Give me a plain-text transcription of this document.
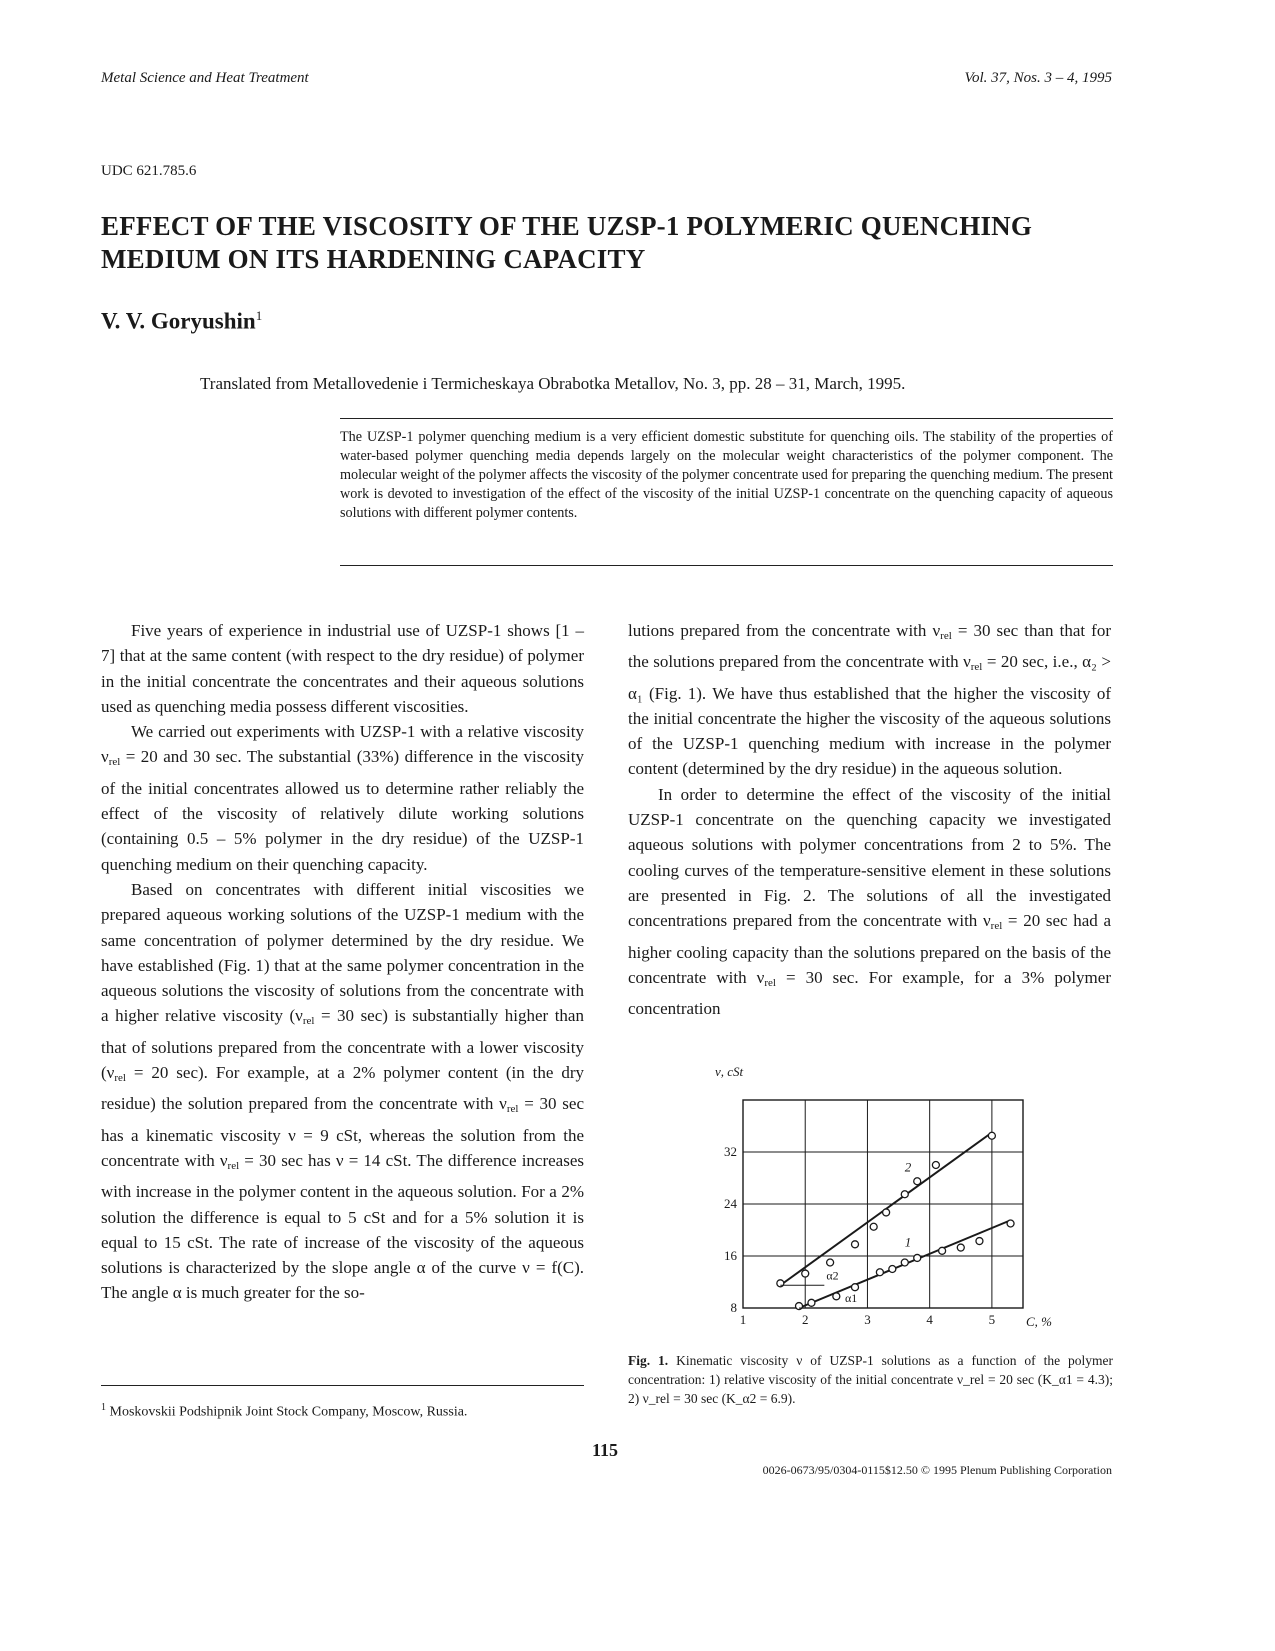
Metal Science and Heat Treatment	Vol. 37, Nos. 3 – 4, 1995
UDC 621.785.6
EFFECT OF THE VISCOSITY OF THE UZSP-1 POLYMERIC QUENCHING MEDIUM ON ITS HARDENING CAPACITY
V. V. Goryushin$^1$
Translated from Metallovedenie i Termicheskaya Obrabotka Metallov, No. 3, pp. 28 – 31, March, 1995.
The UZSP-1 polymer quenching medium is a very efficient domestic substitute for quenching oils. The stability of the properties of water-based polymer quenching media depends largely on the molecular weight characteristics of the polymer component. The molecular weight of the polymer affects the viscosity of the polymer concentrate used for preparing the quenching medium. The present work is devoted to investigation of the effect of the viscosity of the initial UZSP-1 concentrate on the quenching capacity of aqueous solutions with different polymer contents.

Five years of experience in industrial use of UZSP-1 shows [1 – 7] that at the same content (with respect to the dry residue) of polymer in the initial concentrate the concentrates and their aqueous solutions used as quenching media possess different viscosities.

We carried out experiments with UZSP-1 with a relative viscosity $\nu_{rel} = 20$ and 30 sec. The substantial (33%) difference in the viscosity of the initial concentrates allowed us to determine rather reliably the effect of the viscosity of relatively dilute working solutions (containing 0.5 – 5% polymer in the dry residue) of the UZSP-1 quenching medium on their quenching capacity.

Based on concentrates with different initial viscosities we prepared aqueous working solutions of the UZSP-1 medium with the same concentration of polymer determined by the dry residue. We have established (Fig. 1) that at the same polymer concentration in the aqueous solutions the viscosity of solutions from the concentrate with a higher relative viscosity ($\nu_{rel} = 30$ sec) is substantially higher than that of solutions prepared from the concentrate with a lower viscosity ($\nu_{rel} = 20$ sec). For example, at a 2% polymer content (in the dry residue) the solution prepared from the concentrate with $\nu_{rel} = 30$ sec has a kinematic viscosity ν = 9 cSt, whereas the solution from the concentrate with $\nu_{rel} = 30$ sec has ν = 14 cSt. The difference increases with increase in the polymer content in the aqueous solution. For a 2% solution the difference is equal to 5 cSt and for a 5% solution it is equal to 15 cSt. The rate of increase of the viscosity of the aqueous solutions is characterized by the slope angle α of the curve ν = f(C). The angle α is much greater for the so-

lutions prepared from the concentrate with $\nu_{rel} = 30$ sec than that for the solutions prepared from the concentrate with $\nu_{rel} = 20$ sec, i.e., α₂ > α₁ (Fig. 1). We have thus established that the higher the viscosity of the initial concentrate the higher the viscosity of the aqueous solutions of the UZSP-1 quenching medium with increase in the polymer content (determined by the dry residue) in the aqueous solution.

In order to determine the effect of the viscosity of the initial UZSP-1 concentrate on the quenching capacity we investigated aqueous solutions with polymer concentrations from 2 to 5%. The cooling curves of the temperature-sensitive element in these solutions are presented in Fig. 2. The solutions of all the investigated concentrations prepared from the concentrate with $\nu_{rel} = 20$ sec had a higher cooling capacity than the solutions prepared on the basis of the concentrate with $\nu_{rel} = 30$ sec. For example, for a 3% polymer concentration

1	2	3	4	5
8
16
24
32
C, %
ν, cSt
1
α1
2
α2
Fig. 1. Kinematic viscosity ν of UZSP-1 solutions as a function of the polymer concentration: 1) relative viscosity of the initial concentrate ν_rel = 20 sec (K_α1 = 4.3); 2) ν_rel = 30 sec (K_α2 = 6.9).
$^1$ Moskovskii Podshipnik Joint Stock Company, Moscow, Russia.
115
0026-0673/95/0304-0115$12.50 © 1995 Plenum Publishing Corporation
